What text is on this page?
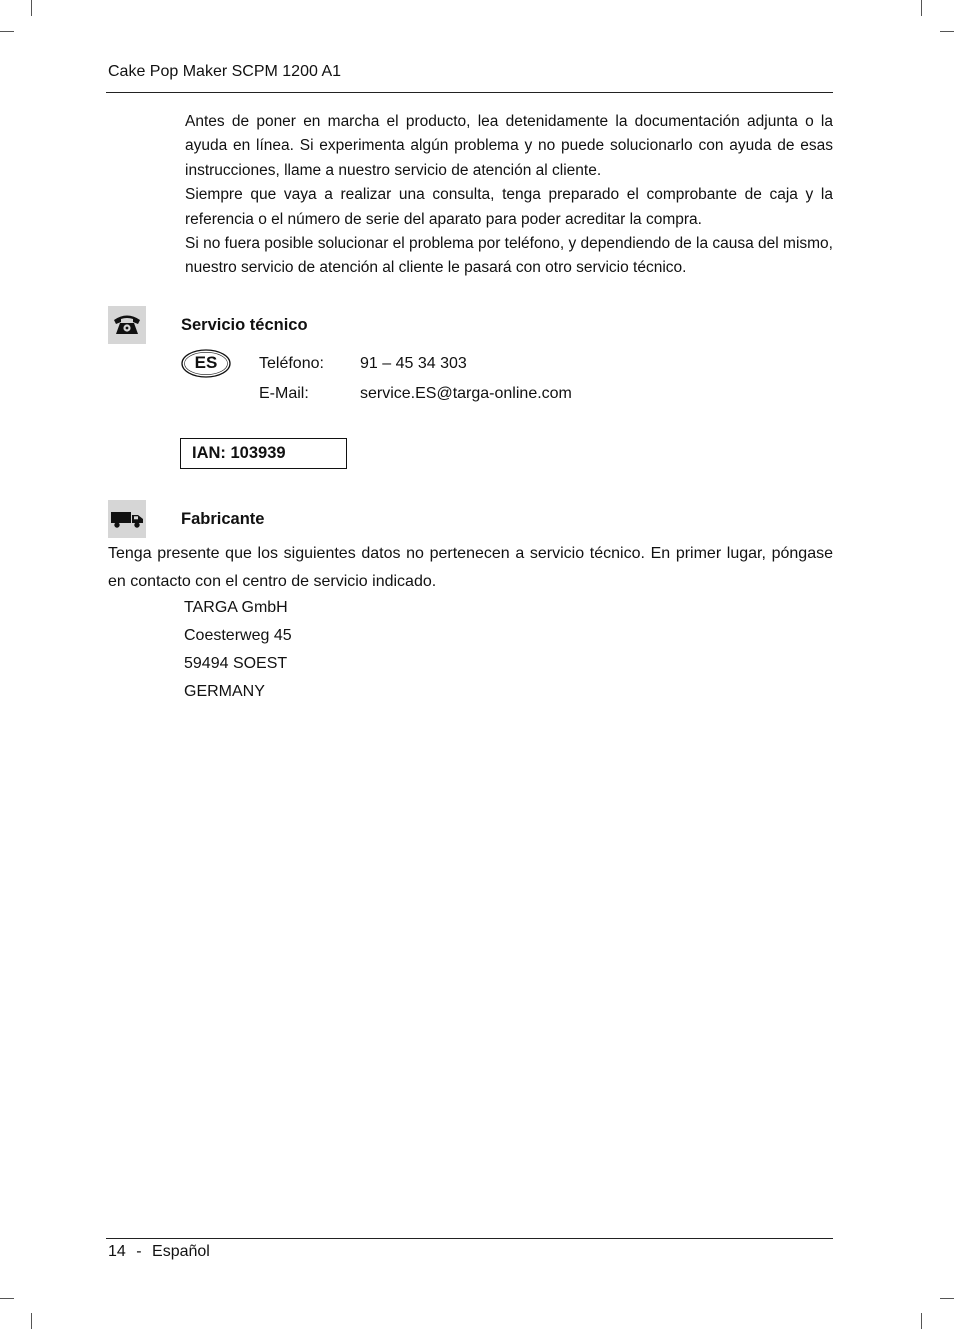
Cake Pop Maker SCPM 1200 A1

Antes de poner en marcha el producto, lea detenidamente la documentación adjunta o la ayuda en línea. Si experimenta algún problema y no puede solucionarlo con ayuda de esas instrucciones, llame a nuestro servicio de atención al cliente.

Siempre que vaya a realizar una consulta, tenga preparado el comprobante de caja y la referencia o el número de serie del aparato para poder acreditar la compra.

Si no fuera posible solucionar el problema por teléfono, y dependiendo de la causa del mismo, nuestro servicio de atención al cliente le pasará con otro servicio técnico.

Servicio técnico
ES	Teléfono: 91 – 45 34 303
E-Mail:	service.ES@targa-online.com
IAN: 103939
Fabricante
Tenga presente que los siguientes datos no pertenecen a servicio técnico. En primer lugar, póngase en contacto con el centro de servicio indicado.
TARGA GmbH
Coesterweg 45
59494 SOEST
GERMANY
14 - Español
